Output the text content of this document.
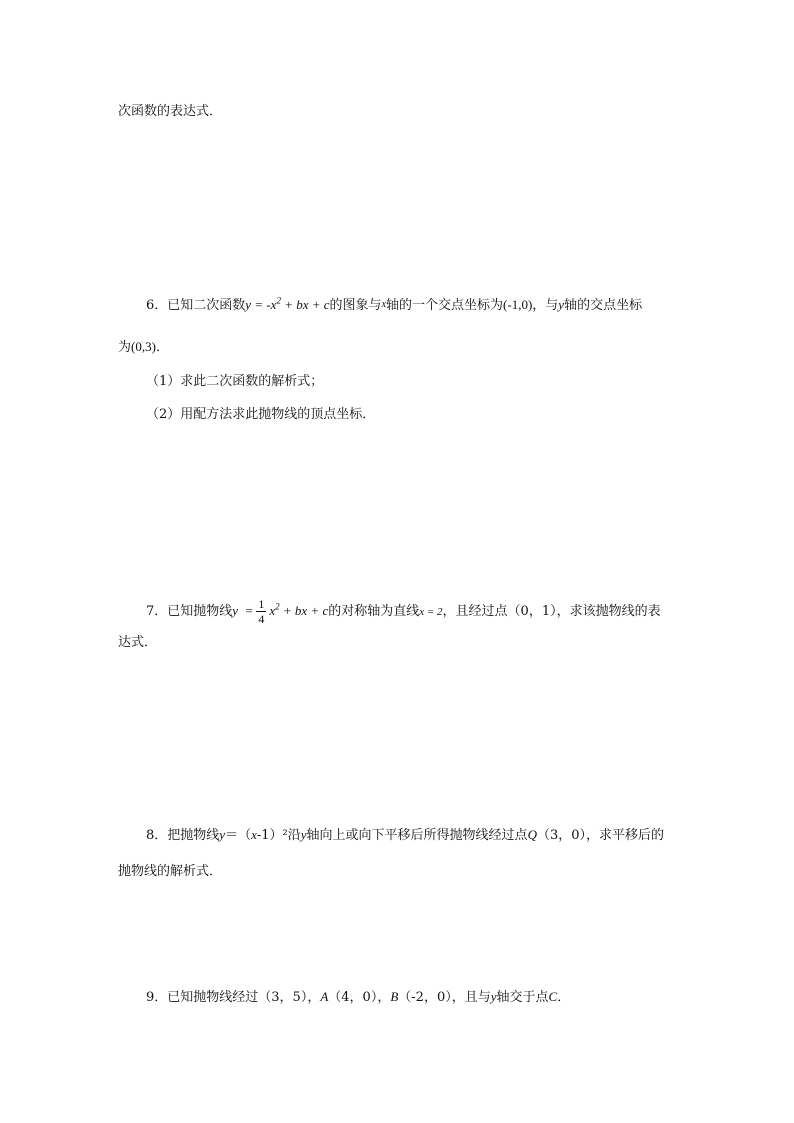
次函数的表达式．
6．已知二次函数$y = -x^2$ + bx + c的图象与x轴的一个交点坐标为(-1,0)，与y轴的交点坐标
为(0,3)．
（1）求此二次函数的解析式；
（2）用配方法求此抛物线的顶点坐标．
7．已知抛物线$y = \frac{1}{4} x^2$ + bx + c的对称轴为直线x = 2，且经过点（0，1），求该抛物线的表
达式．
8．把抛物线y＝（x-1）²沿y轴向上或向下平移后所得抛物线经过点Q（3，0），求平移后的
抛物线的解析式．
9．已知抛物线经过（3，5），A（4，0），B（-2，0），且与y轴交于点C．
